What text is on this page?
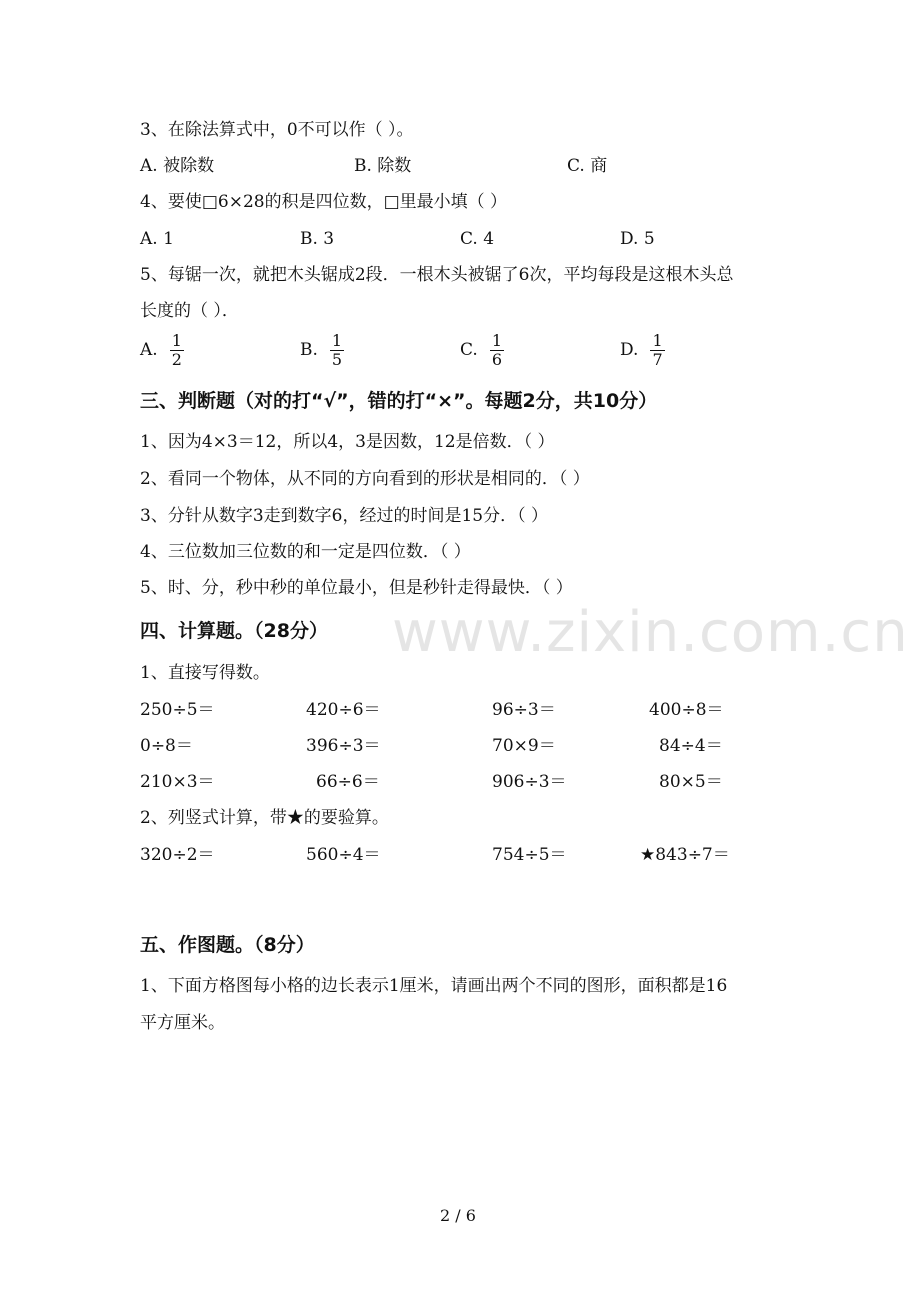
3、在除法算式中，0不可以作（ ）。
A. 被除数	B. 除数	C. 商
4、要使□6×28的积是四位数，□里最小填（ ）
A. 1	B. 3	C. 4	D. 5
5、每锯一次，就把木头锯成2段．一根木头被锯了6次，平均每段是这根木头总
长度的（ ）．
A. $\frac{1}{2}$	B. $\frac{1}{5}$	C. $\frac{1}{6}$	D. $\frac{1}{7}$
三、判断题（对的打“√”，错的打“×”。每题2分，共10分）
1、因为4×3＝12，所以4，3是因数，12是倍数．（ ）
2、看同一个物体，从不同的方向看到的形状是相同的．（ ）
3、分针从数字3走到数字6，经过的时间是15分．（ ）
4、三位数加三位数的和一定是四位数．（ ）
5、时、分，秒中秒的单位最小，但是秒针走得最快．（ ）
www.zixin.com.cn
四、计算题。（28分）
1、直接写得数。
250÷5＝	420÷6＝	96÷3＝	400÷8＝
0÷8＝	396÷3＝	70×9＝	84÷4＝
210×3＝	66÷6＝	906÷3＝	80×5＝
2、列竖式计算，带★的要验算。
320÷2＝	560÷4＝	754÷5＝	★843÷7＝
五、作图题。（8分）
1、下面方格图每小格的边长表示1厘米，请画出两个不同的图形，面积都是16
平方厘米。
2 / 6
